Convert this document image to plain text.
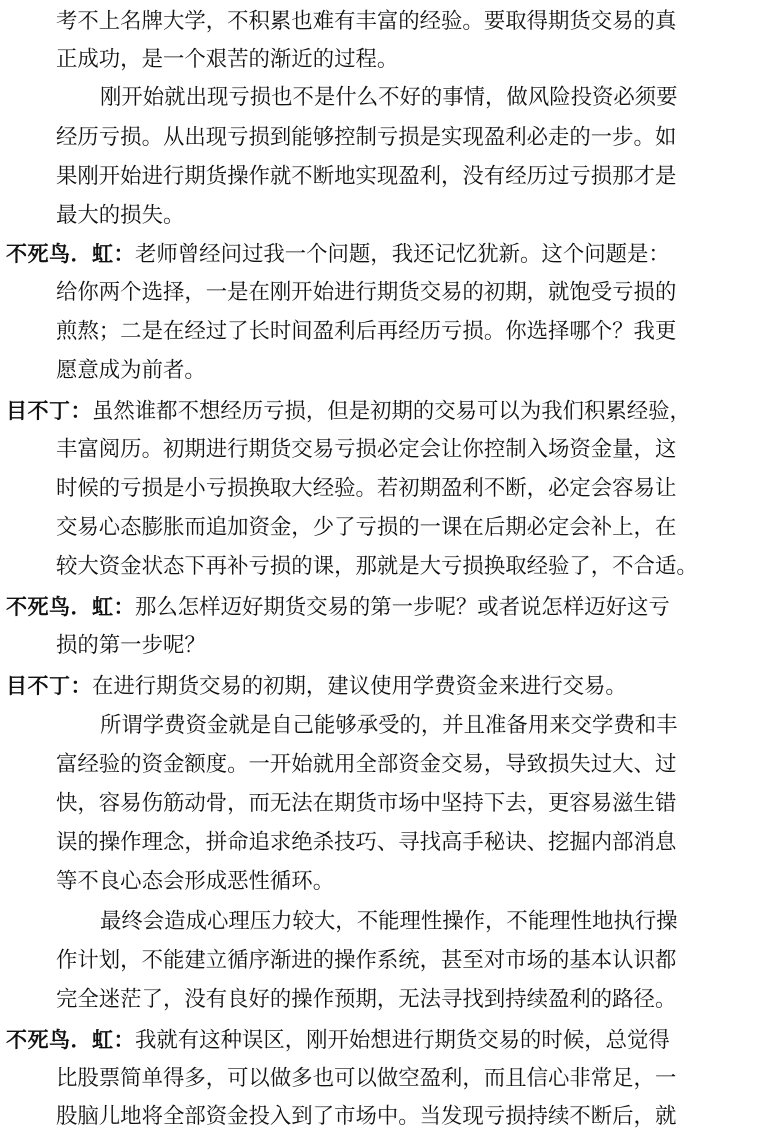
考不上名牌大学，不积累也难有丰富的经验。要取得期货交易的真
正成功，是一个艰苦的渐近的过程。
刚开始就出现亏损也不是什么不好的事情，做风险投资必须要
经历亏损。从出现亏损到能够控制亏损是实现盈利必走的一步。如
果刚开始进行期货操作就不断地实现盈利，没有经历过亏损那才是
最大的损失。
不死鸟．虹：老师曾经问过我一个问题，我还记忆犹新。这个问题是：
给你两个选择，一是在刚开始进行期货交易的初期，就饱受亏损的
煎熬；二是在经过了长时间盈利后再经历亏损。你选择哪个？我更
愿意成为前者。
目不丁：虽然谁都不想经历亏损，但是初期的交易可以为我们积累经验，
丰富阅历。初期进行期货交易亏损必定会让你控制入场资金量，这
时候的亏损是小亏损换取大经验。若初期盈利不断，必定会容易让
交易心态膨胀而追加资金，少了亏损的一课在后期必定会补上，在
较大资金状态下再补亏损的课，那就是大亏损换取经验了，不合适。
不死鸟．虹：那么怎样迈好期货交易的第一步呢？或者说怎样迈好这亏
损的第一步呢？
目不丁：在进行期货交易的初期，建议使用学费资金来进行交易。
所谓学费资金就是自己能够承受的，并且准备用来交学费和丰
富经验的资金额度。一开始就用全部资金交易，导致损失过大、过
快，容易伤筋动骨，而无法在期货市场中坚持下去，更容易滋生错
误的操作理念，拼命追求绝杀技巧、寻找高手秘诀、挖掘内部消息
等不良心态会形成恶性循环。
最终会造成心理压力较大，不能理性操作，不能理性地执行操
作计划，不能建立循序渐进的操作系统，甚至对市场的基本认识都
完全迷茫了，没有良好的操作预期，无法寻找到持续盈利的路径。
不死鸟．虹：我就有这种误区，刚开始想进行期货交易的时候，总觉得
比股票简单得多，可以做多也可以做空盈利，而且信心非常足，一
股脑儿地将全部资金投入到了市场中。当发现亏损持续不断后，就
